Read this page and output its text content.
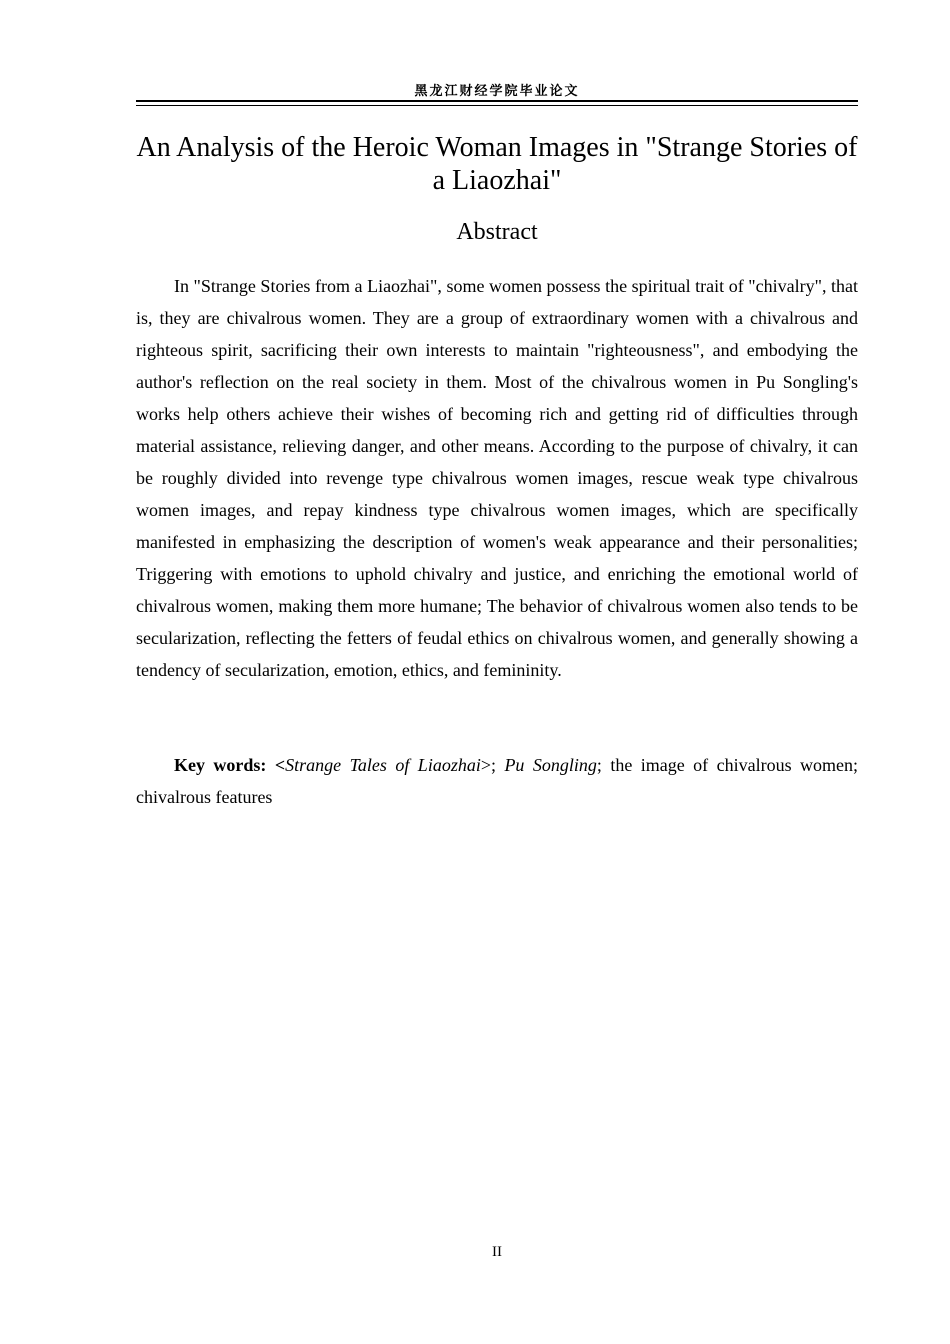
黑龙江财经学院毕业论文
An Analysis of the Heroic Woman Images in "Strange Stories of a Liaozhai"
Abstract

In "Strange Stories from a Liaozhai", some women possess the spiritual trait of "chivalry", that is, they are chivalrous women. They are a group of extraordinary women with a chivalrous and righteous spirit, sacrificing their own interests to maintain "righteousness", and embodying the author's reflection on the real society in them. Most of the chivalrous women in Pu Songling's works help others achieve their wishes of becoming rich and getting rid of difficulties through material assistance, relieving danger, and other means. According to the purpose of chivalry, it can be roughly divided into revenge type chivalrous women images, rescue weak type chivalrous women images, and repay kindness type chivalrous women images, which are specifically manifested in emphasizing the description of women's weak appearance and their personalities; Triggering with emotions to uphold chivalry and justice, and enriching the emotional world of chivalrous women, making them more humane; The behavior of chivalrous women also tends to be secularization, reflecting the fetters of feudal ethics on chivalrous women, and generally showing a tendency of secularization, emotion, ethics, and femininity.

Key words: <Strange Tales of Liaozhai>; Pu Songling; the image of chivalrous women; chivalrous features

II
